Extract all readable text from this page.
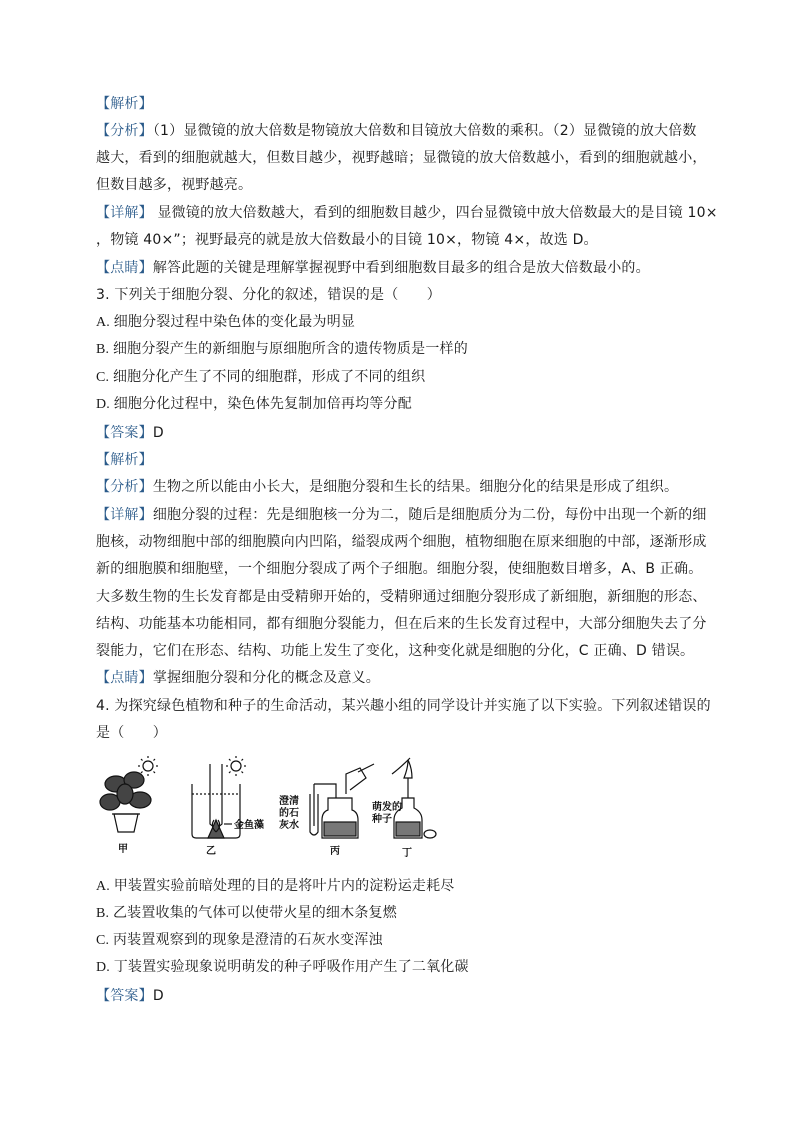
【解析】
【分析】（1）显微镜的放大倍数是物镜放大倍数和目镜放大倍数的乘积。（2）显微镜的放大倍数
越大，看到的细胞就越大，但数目越少，视野越暗；显微镜的放大倍数越小，看到的细胞就越小，
但数目越多，视野越亮。
【详解】 显微镜的放大倍数越大，看到的细胞数目越少，四台显微镜中放大倍数最大的是目镜 10×
，物镜 40×”；视野最亮的就是放大倍数最小的目镜 10×，物镜 4×，故选 D。
【点睛】解答此题的关键是理解掌握视野中看到细胞数目最多的组合是放大倍数最小的。
3. 下列关于细胞分裂、分化的叙述，错误的是（　　）
A. 细胞分裂过程中染色体的变化最为明显
B. 细胞分裂产生的新细胞与原细胞所含的遗传物质是一样的
C. 细胞分化产生了不同的细胞群，形成了不同的组织
D. 细胞分化过程中，染色体先复制加倍再均等分配
【答案】D
【解析】
【分析】生物之所以能由小长大，是细胞分裂和生长的结果。细胞分化的结果是形成了组织。
【详解】细胞分裂的过程：先是细胞核一分为二，随后是细胞质分为二份，每份中出现一个新的细
胞核，动物细胞中部的细胞膜向内凹陷，缢裂成两个细胞，植物细胞在原来细胞的中部，逐渐形成
新的细胞膜和细胞壁，一个细胞分裂成了两个子细胞。细胞分裂，使细胞数目增多，A、B 正确。
大多数生物的生长发育都是由受精卵开始的，受精卵通过细胞分裂形成了新细胞，新细胞的形态、
结构、功能基本功能相同，都有细胞分裂能力，但在后来的生长发育过程中，大部分细胞失去了分
裂能力，它们在形态、结构、功能上发生了变化，这种变化就是细胞的分化，C 正确、D 错误。
【点睛】掌握细胞分裂和分化的概念及意义。
4. 为探究绿色植物和种子的生命活动，某兴趣小组的同学设计并实施了以下实验。下列叙述错误的
是（　　）
甲
金鱼藻
乙
澄清
的石
灰水
丙
萌发的
种子
丁
A. 甲装置实验前暗处理的目的是将叶片内的淀粉运走耗尽
B. 乙装置收集的气体可以使带火星的细木条复燃
C. 丙装置观察到的现象是澄清的石灰水变浑浊
D. 丁装置实验现象说明萌发的种子呼吸作用产生了二氧化碳
【答案】D
